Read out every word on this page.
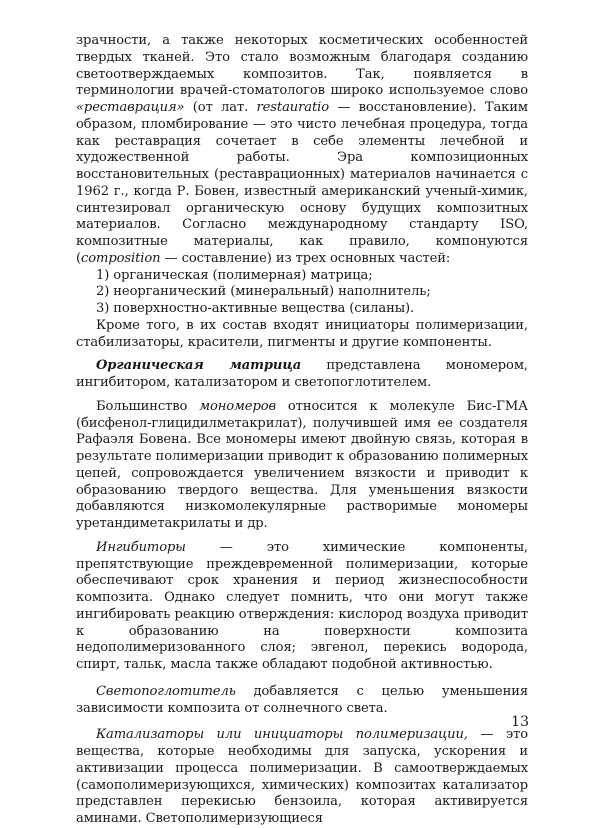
зрачности, а также некоторых косметических особенностей твердых тканей. Это стало возможным благодаря созданию светоотверждаемых композитов. Так, появляется в терминологии врачей-стоматологов широко используемое слово «реставрация» (от лат. restauratio — восстановление). Таким образом, пломбирование — это чисто лечебная процедура, тогда как реставрация сочетает в себе элементы лечебной и художественной работы. Эра композиционных восстановительных (реставрационных) материалов начинается с 1962 г., когда Р. Бовен, известный американский ученый-химик, синтезировал органическую основу будущих композитных материалов. Согласно международному стандарту ISO, композитные материалы, как правило, компонуются (composition — составление) из трех основных частей:

1) органическая (полимерная) матрица;

2) неорганический (минеральный) наполнитель;

3) поверхностно-активные вещества (силаны).

Кроме того, в их состав входят инициаторы полимеризации, стабилизаторы, красители, пигменты и другие компоненты.

Органическая матрица представлена мономером, ингибитором, катализатором и светопоглотителем.

Большинство мономеров относится к молекуле Бис-ГМА (бисфенол-глицидилметакрилат), получившей имя ее создателя Рафаэля Бовена. Все мономеры имеют двойную связь, которая в результате полимеризации приводит к образованию полимерных цепей, сопровождается увеличением вязкости и приводит к образованию твердого вещества. Для уменьшения вязкости добавляются низкомолекулярные растворимые мономеры уретандиметакрилаты и др.

Ингибиторы — это химические компоненты, препятствующие преждевременной полимеризации, которые обеспечивают срок хранения и период жизнеспособности композита. Однако следует помнить, что они могут также ингибировать реакцию отверждения: кислород воздуха приводит к образованию на поверхности композита недополимеризованного слоя; эвгенол, перекись водорода, спирт, тальк, масла также обладают подобной активностью.

Светопоглотитель добавляется с целью уменьшения зависимости композита от солнечного света.

Катализаторы или инициаторы полимеризации, — это вещества, которые необходимы для запуска, ускорения и активизации процесса полимеризации. В самоотверждаемых (самополимеризующихся, химических) композитах катализатор представлен перекисью бензоила, которая активируется аминами. Светополимеризующиеся

13
